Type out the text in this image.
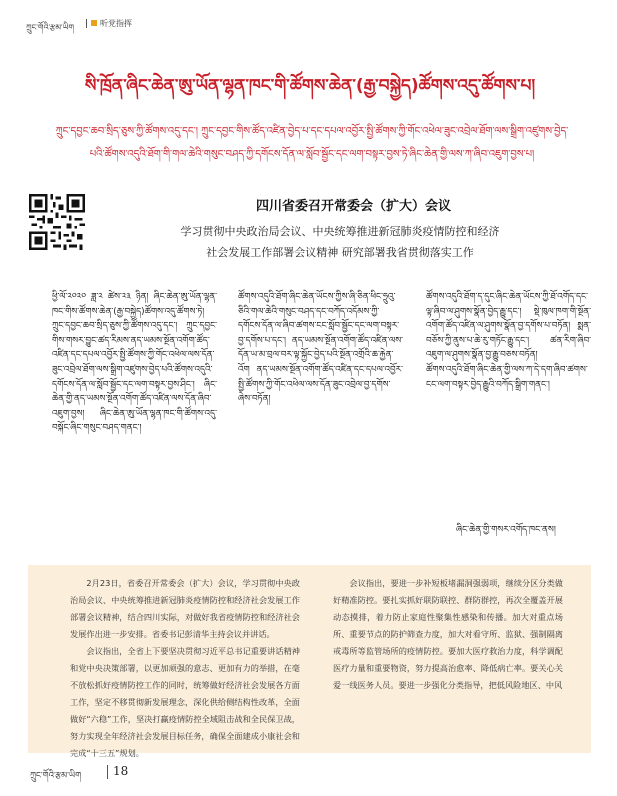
ཀྲུང་གོའི་རྩམ་ཡིག	听党指挥
སི་ཁྲོན་ཞིང་ཆེན་ཨུ་ཡོན་ལྷན་ཁང་གི་ཚོགས་ཆེན་(རྒྱ་བསྐྱེད)ཚོགས་འདུ་ཚོགས་པ།
ཀྲུང་དབྱང་ཆབ་སྲིད་ཅུས་ཀྱི་ཚོགས་འདུ་དང་། ཀྲུང་དབྱང་གིས་ཚོད་འཛིན་བྱེད་པ་དང་དཔལ་འབྱོར་སྤྱི་ཚོགས་ཀྱི་གོང་འཕེལ་ཟུང་འབྲེལ་ཐོག་ལས་སྒྲིག་འཛུགས་བྱེད་པའི་ཚོགས་འདུའི་ཐོག་གི་གལ་ཆེའི་གསུང་བཤད་ཀྱི་དགོངས་དོན་ལ་སློབ་སྦྱོང་དང་ལག་བསྟར་བྱས་ཏེ་ཞིང་ཆེན་གྱི་ལས་ཀ་ཞིབ་འཇུག་བྱས་པ།
四川省委召开常委会（扩大）会议

学习贯彻中央政治局会议、中央统筹推进新冠肺炎疫情防控和经济

社会发展工作部署会议精神 研究部署我省贯彻落实工作

ཕྱི་ལོ་༢༠༢༠ ཟླ་༢ ཚེས་༢༣ ཉིན། ཞིང་ཆེན་ཨུ་ཡོན་ལྷན་ཁང་གིས་ཚོགས་ཆེན་(རྒྱ་བསྐྱེད)ཚོགས་འདུ་ཚོགས་ཏེ། ཀྲུང་དབྱང་ཆབ་སྲིད་ཅུས་ཀྱི་ཚོགས་འདུ་དང་། ཀྲུང་དབྱང་གིས་གསར་བྱུང་ཚད་རིམས་ནད་ཡམས་སྔོན་འགོག་ཚོད་འཛིན་དང་དཔལ་འབྱོར་སྤྱི་ཚོགས་ཀྱི་གོང་འཕེལ་ལས་དོན་ཟུང་འབྲེལ་ཐོག་ལས་སྒྲིག་འཛུགས་བྱེད་པའི་ཚོགས་འདུའི་དགོངས་དོན་ལ་སློབ་སྦྱོང་དང་ལག་བསྟར་བྱས་ཤིང་། ཞིང་ཆེན་གྱི་ནད་ཡམས་སྔོན་འགོག་ཚོད་འཛིན་ལས་དོན་ཞིབ་འཇུག་བྱས། ཞིང་ཆེན་ཨུ་ཡོན་ལྷན་ཁང་གི་ཚོགས་འདུ་བསྐོང་ཞིང་གསུང་བཤད་གནང་།

ཚོགས་འདུའི་ཐོག་ཞིང་ཆེན་ཡོངས་ཀྱིས་ཞི་ཅིན་ཕིང་ཧྲུའུ་ཅིའི་གལ་ཆེའི་གསུང་བཤད་དང་བཀོད་འདོམས་ཀྱི་དགོངས་དོན་ལ་ཞིབ་ཚགས་ངང་སློབ་སྦྱོང་དང་ལག་བསྟར་བྱ་དགོས་པ་དང་། ནད་ཡམས་སྔོན་འགོག་ཚོད་འཛིན་ལས་དོན་ཡ་མ་བྲལ་བར་ལྟ་སྐྱོང་བྱེད་པའི་སྔོན་འགྲོའི་ཆ་རྐྱེན་འོག ནད་ཡམས་སྔོན་འགོག་ཚོད་འཛིན་དང་དཔལ་འབྱོར་སྤྱི་ཚོགས་ཀྱི་གོང་འཕེལ་ལས་དོན་ཟུང་འབྲེལ་བྱ་དགོས་ཞེས་བཏོན།

ཚོགས་འདུའི་ཐོག་ད་དུང་ཞིང་ཆེན་ཡོངས་ཀྱི་ཐོ་འགོད་དང་ལྟ་ཞིབ་ལ་ཤུགས་སྣོན་བྱེད་རྒྱུ་དང་། སྡེ་ཁུལ་ཁག་གི་སྔོན་འགོག་ཚོད་འཛིན་ལ་ཤུགས་སྣོན་བྱ་དགོས་པ་བཏོན། སྨན་བཅོས་ཀྱི་ནུས་པ་ཆེ་རུ་གཏོང་རྒྱུ་དང་། ཚན་རིག་ཞིབ་འཇུག་ལ་ཤུགས་སྣོན་བྱ་རྒྱུ་བཅས་བཏོན།

ཚོགས་འདུའི་ཐོག་ཞིང་ཆེན་གྱི་ལས་ཀ་དེ་དག་ཞིབ་ཚགས་ངང་ལག་བསྟར་བྱེད་རྒྱུའི་བཀོད་སྒྲིག་གནང་།

ཞིང་ཆེན་གྱི་གསར་འགོད་ཁང་ནས།

2月23日，省委召开常委会（扩大）会议，学习贯彻中央政治局会议、中央统筹推进新冠肺炎疫情防控和经济社会发展工作部署会议精神，结合四川实际，对做好我省疫情防控和经济社会发展作出进一步安排。省委书记彭清华主持会议并讲话。

会议指出，全省上下要坚决贯彻习近平总书记重要讲话精神和党中央决策部署，以更加顽强的意志、更加有力的举措，在毫不放松抓好疫情防控工作的同时，统筹做好经济社会发展各方面工作，坚定不移贯彻新发展理念，深化供给侧结构性改革，全面做好“六稳”工作，坚决打赢疫情防控全域阻击战和全民保卫战，努力实现全年经济社会发展目标任务，确保全面建成小康社会和完成“十三五”规划。

会议指出，要进一步补短板堵漏洞强弱项，继续分区分类做好精准防控。要扎实抓好联防联控、群防群控，再次全覆盖开展动态摸排，着力防止家庭性聚集性感染和传播。加大对重点场所、重要节点的防护筛查力度，加大对看守所、监狱、强制隔离戒毒所等监管场所的疫情防控。要加大医疗救治力度，科学调配医疗力量和重要物资，努力提高治愈率、降低病亡率。要关心关爱一线医务人员。要进一步强化分类指导，把低风险地区、中风

ཀྲུང་གོའི་རྩམ་ཡིག	18
